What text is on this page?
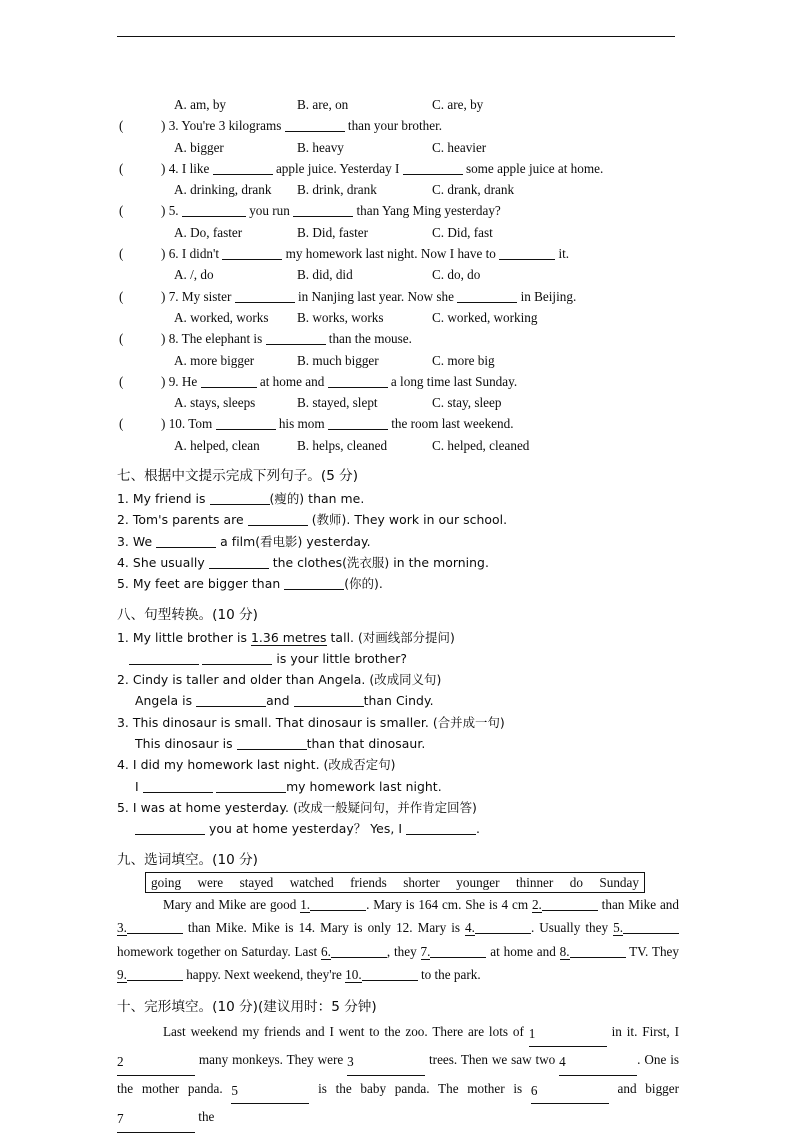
A. am, by	B. are, on	C. are, by
(	) 3. You're 3 kilograms	than your brother.
A. bigger	B. heavy	C. heavier
(	) 4. I like	apple juice. Yesterday I	some apple juice at home.
A. drinking, drank B. drink, drank	C. drank, drank
(	) 5.	you run	than Yang Ming yesterday?
A. Do, faster	B. Did, faster	C. Did, fast
(	) 6. I didn't	my homework last night. Now I have to	it.
A. /, do	B. did, did	C. do, do
(	) 7. My sister	in Nanjing last year. Now she	in Beijing.
A. worked, works B. works, works	C. worked, working
(	) 8. The elephant is	than the mouse.
A. more bigger	B. much bigger	C. more big
(	) 9. He	at home and	a long time last Sunday.
A. stays, sleeps	B. stayed, slept	C. stay, sleep
(	) 10. Tom	his mom	the room last weekend.
A. helped, clean	B. helps, cleaned	C. helped, cleaned
七、根据中文提示完成下列句子。(5 分)
1. My friend is	(瘦的) than me.
2. Tom's parents are	(教师). They work in our school.
3. We	a film(看电影) yesterday.
4. She usually	the clothes(洗衣服) in the morning.
5. My feet are bigger than	(你的).
八、句型转换。(10 分)
1. My little brother is 1.36 metres tall. (对画线部分提问)
is your little brother?
2. Cindy is taller and older than Angela. (改成同义句)
Angela is	and	than Cindy.
3. This dinosaur is small. That dinosaur is smaller. (合并成一句)
This dinosaur is	than that dinosaur.
4. I did my homework last night. (改成否定句)
I	my homework last night.
5. I was at home yesterday. (改成一般疑问句，并作肯定回答)
you at home yesterday？ Yes, I	.
九、选词填空。(10 分)
going were stayed watched friends shorter younger thinner do Sunday
Mary and Mike are good 1.	. Mary is 164 cm. She is 4 cm 2.	than Mike and 3.	than Mike. Mike is 14. Mary is only 12. Mary is 4.	. Usually they 5. homework together on Saturday. Last 6.	, they 7.	at home and 8.	TV. They 9.	happy. Next weekend, they're 10.	to the park.
十、完形填空。(10 分)(建议用时：5 分钟)
Last weekend my friends and I went to the zoo. There are lots of 1	in it. First, I 2	many monkeys. They were 3	trees. Then we saw two 4	. One is the mother panda. 5	is the baby panda. The mother is 6	and bigger 7	the
